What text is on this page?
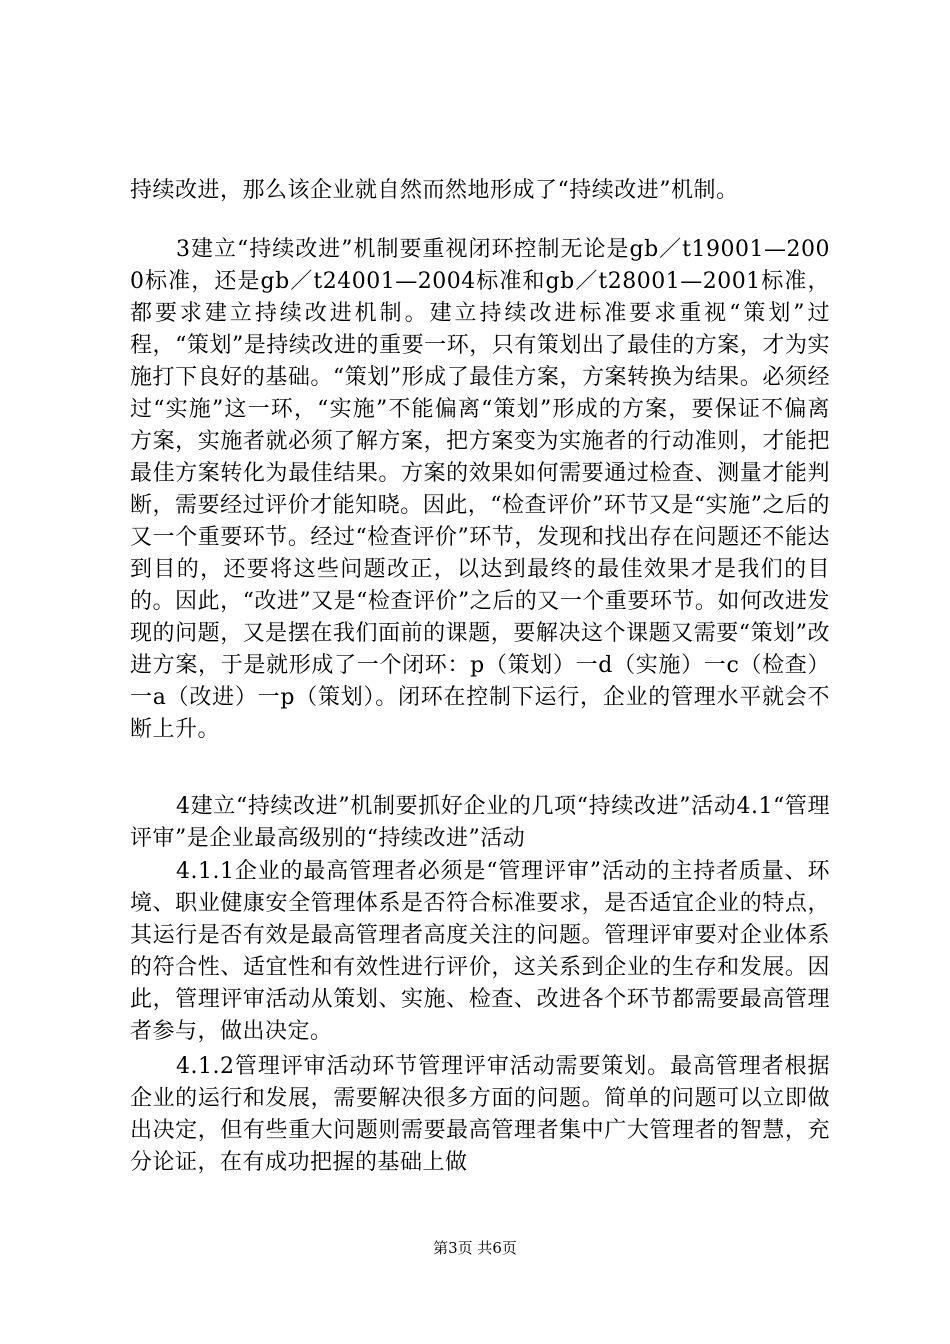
持续改进，那么该企业就自然而然地形成了“持续改进”机制。

3建立“持续改进”机制要重视闭环控制无论是gb／t19001—2000标准，还是gb／t24001—2004标准和gb／t28001—2001标准，都要求建立持续改进机制。建立持续改进标准要求重视“策划”过程，“策划”是持续改进的重要一环，只有策划出了最佳的方案，才为实施打下良好的基础。“策划”形成了最佳方案，方案转换为结果。必须经过“实施”这一环，“实施”不能偏离“策划”形成的方案，要保证不偏离方案，实施者就必须了解方案，把方案变为实施者的行动准则，才能把最佳方案转化为最佳结果。方案的效果如何需要通过检查、测量才能判断，需要经过评价才能知晓。因此，“检查评价”环节又是“实施”之后的又一个重要环节。经过“检查评价”环节，发现和找出存在问题还不能达到目的，还要将这些问题改正，以达到最终的最佳效果才是我们的目的。因此，“改进”又是“检查评价”之后的又一个重要环节。如何改进发现的问题，又是摆在我们面前的课题，要解决这个课题又需要“策划”改进方案，于是就形成了一个闭环：p（策划）一d（实施）一c（检查）一a（改进）一p（策划）。闭环在控制下运行，企业的管理水平就会不断上升。

4建立“持续改进”机制要抓好企业的几项“持续改进”活动4.1“管理评审”是企业最高级别的“持续改进”活动

4.1.1企业的最高管理者必须是“管理评审”活动的主持者质量、环境、职业健康安全管理体系是否符合标准要求，是否适宜企业的特点，其运行是否有效是最高管理者高度关注的问题。管理评审要对企业体系的符合性、适宜性和有效性进行评价，这关系到企业的生存和发展。因此，管理评审活动从策划、实施、检查、改进各个环节都需要最高管理者参与，做出决定。

4.1.2管理评审活动环节管理评审活动需要策划。最高管理者根据企业的运行和发展，需要解决很多方面的问题。简单的问题可以立即做出决定，但有些重大问题则需要最高管理者集中广大管理者的智慧，充分论证，在有成功把握的基础上做

第3页 共6页
